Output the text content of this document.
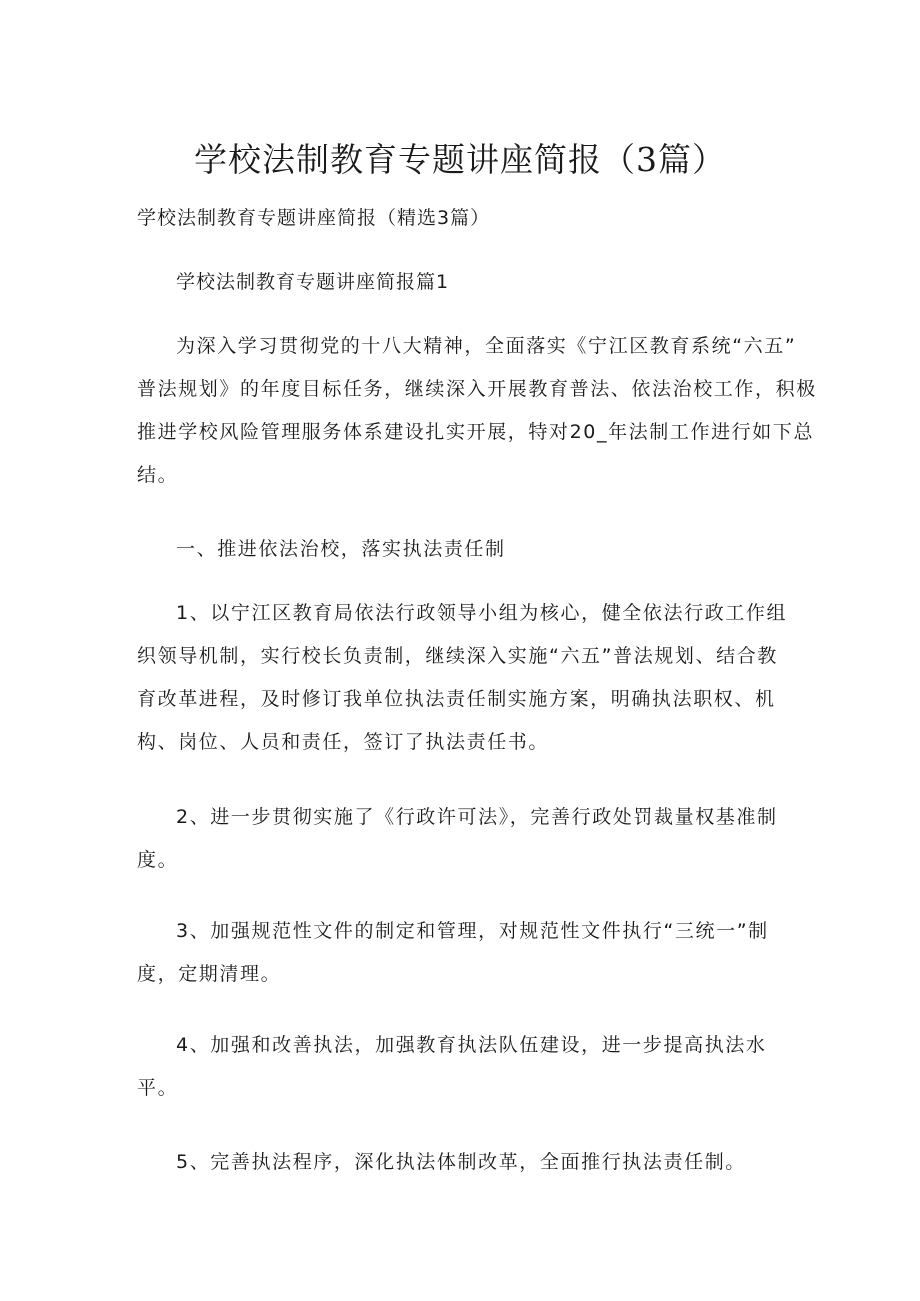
学校法制教育专题讲座简报（3篇）
学校法制教育专题讲座简报（精选3篇）
学校法制教育专题讲座简报篇1

为深入学习贯彻党的十八大精神，全面落实《宁江区教育系统“六五”
普法规划》的年度目标任务，继续深入开展教育普法、依法治校工作，积极
推进学校风险管理服务体系建设扎实开展，特对20_年法制工作进行如下总
结。

一、推进依法治校，落实执法责任制

1、以宁江区教育局依法行政领导小组为核心，健全依法行政工作组
织领导机制，实行校长负责制，继续深入实施“六五”普法规划、结合教
育改革进程，及时修订我单位执法责任制实施方案，明确执法职权、机
构、岗位、人员和责任，签订了执法责任书。

2、进一步贯彻实施了《行政许可法》，完善行政处罚裁量权基准制
度。

3、加强规范性文件的制定和管理，对规范性文件执行“三统一”制
度，定期清理。

4、加强和改善执法，加强教育执法队伍建设，进一步提高执法水
平。

5、完善执法程序，深化执法体制改革，全面推行执法责任制。
